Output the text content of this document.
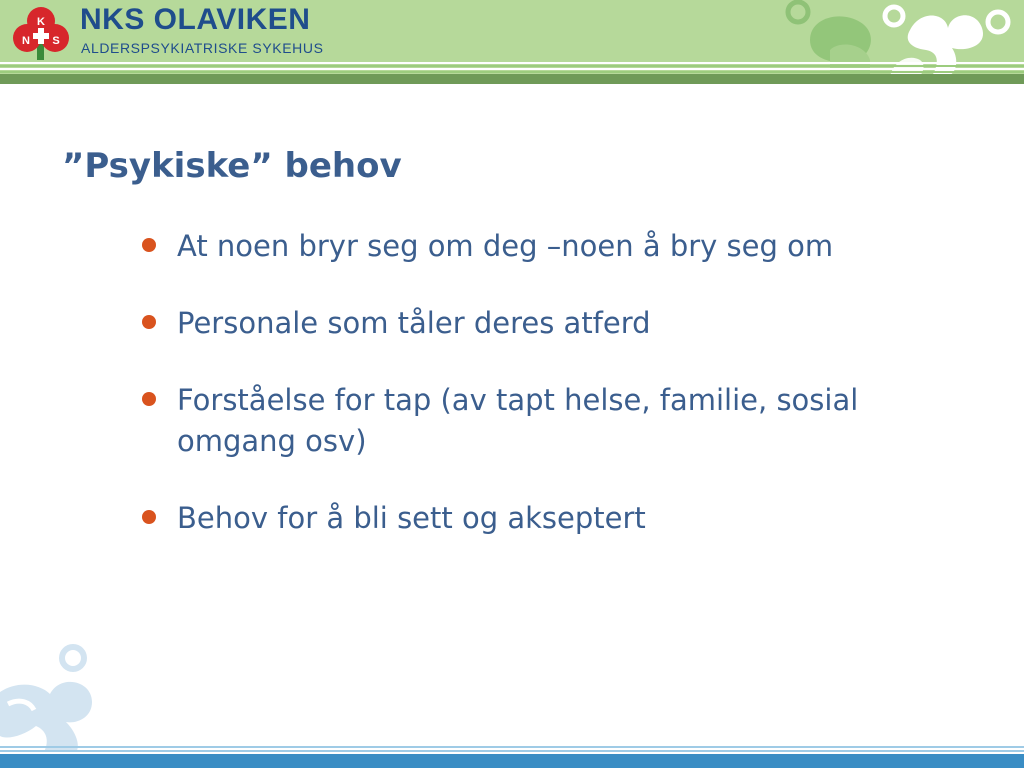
K
N S
NKS OLAVIKEN
ALDERSPSYKIATRISKE SYKEHUS
”Psykiske” behov
At noen bryr seg om deg –noen å bry seg om
Personale som tåler deres atferd
Forståelse for tap (av tapt helse, familie, sosial omgang osv)
Behov for å bli sett og akseptert
